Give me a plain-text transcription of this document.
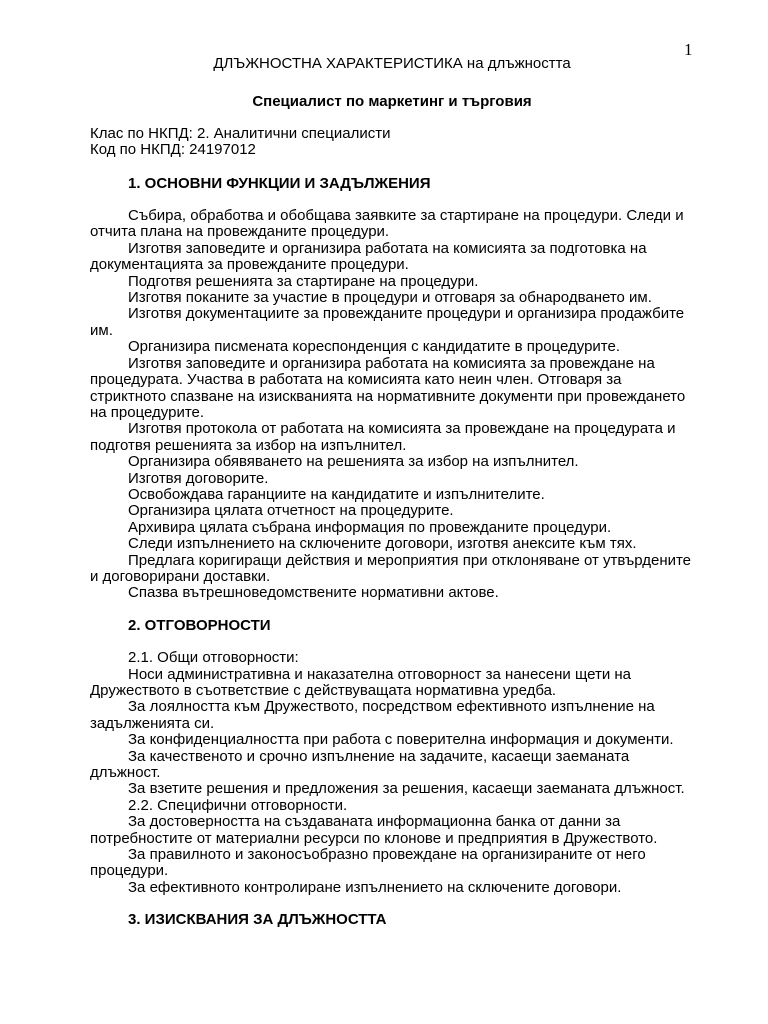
1

ДЛЪЖНОСТНА ХАРАКТЕРИСТИКА на длъжността

Специалист по маркетинг и търговия

Клас по НКПД: 2. Аналитични специалисти

Код по НКПД: 24197012

1. ОСНОВНИ ФУНКЦИИ И ЗАДЪЛЖЕНИЯ

Събира, обработва и обобщава заявките за стартиране на процедури. Следи и отчита плана на провежданите процедури.

Изготвя заповедите и организира работата на комисията за подготовка на документацията за провежданите процедури.

Подготвя решенията за стартиране на процедури.

Изготвя поканите за участие в процедури и отговаря за обнародването им.

Изготвя документациите за провежданите процедури и организира продажбите им.

Организира писмената кореспонденция с кандидатите в процедурите.

Изготвя заповедите и организира работата на комисията за провеждане на процедурата. Участва в работата на комисията като неин член. Отговаря за стриктното спазване на изискванията на нормативните документи при провеждането на процедурите.

Изготвя протокола от работата на комисията за провеждане на процедурата и подготвя решенията за избор на изпълнител.

Организира обявяването на решенията за избор на изпълнител.

Изготвя договорите.

Освобождава гаранциите на кандидатите и изпълнителите.

Организира цялата отчетност на процедурите.

Архивира цялата събрана информация по провежданите процедури.

Следи изпълнението на сключените договори, изготвя анексите към тях.

Предлага коригиращи действия и мероприятия при отклоняване от утвърдените и договорирани доставки.

Спазва вътрешноведомствените нормативни актове.

2. ОТГОВОРНОСТИ

2.1. Общи отговорности:

Носи административна и наказателна отговорност за нанесени щети на Дружеството в съответствие с действуващата нормативна уредба.

За лоялността към Дружеството, посредством ефективното изпълнение на задълженията си.

За конфиденциалността при работа с поверителна информация и документи.

За качественото и срочно изпълнение на задачите, касаещи заеманата длъжност.

За взетите решения и предложения за решения, касаещи заеманата длъжност.

2.2. Специфични отговорности.

За достоверността на създаваната информационна банка от данни за потребностите от материални ресурси по клонове и предприятия в Дружеството.

За правилното и законосъобразно провеждане на организираните от него процедури.

За ефективното контролиране изпълнението на сключените договори.

3. ИЗИСКВАНИЯ ЗА ДЛЪЖНОСТТА
